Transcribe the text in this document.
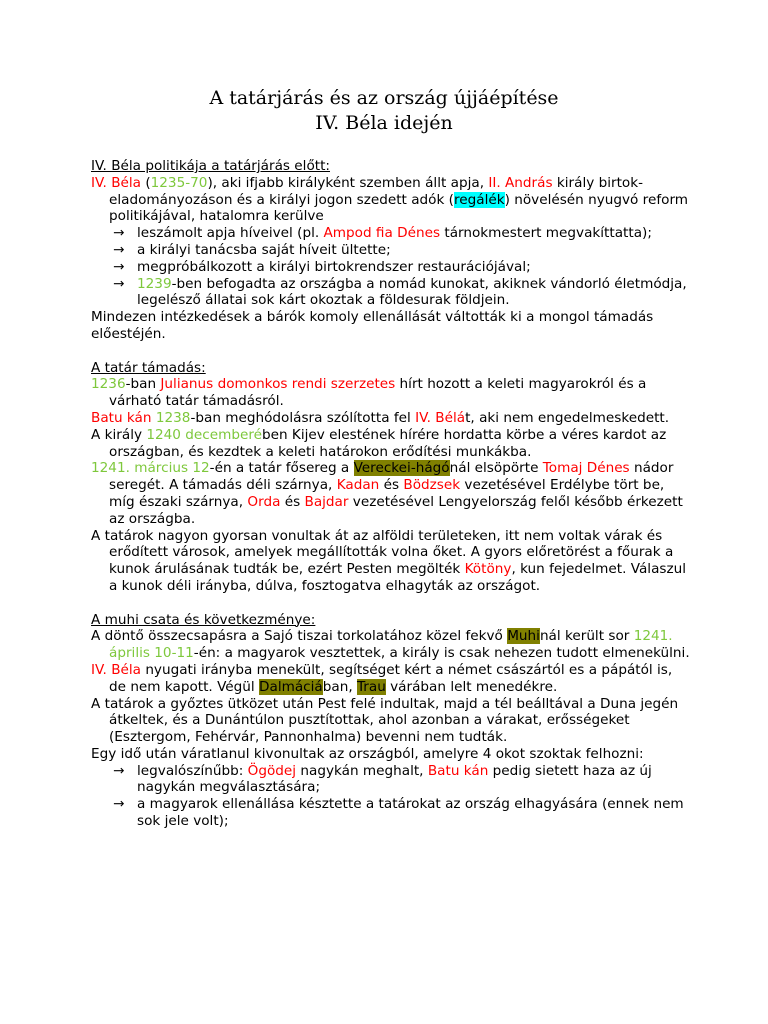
A tatárjárás és az ország újjáépítése
IV. Béla idején
IV. Béla politikája a tatárjárás előtt:
IV. Béla (1235-70), aki ifjabb királyként szemben állt apja, II. András király birtok-eladományozáson és a királyi jogon szedett adók (regálék) növelésén nyugvó reform politikájával, hatalomra kerülve
→ leszámolt apja híveivel (pl. Ampod fia Dénes tárnokmestert megvakíttatta);
→ a királyi tanácsba saját híveit ültette;
→ megpróbálkozott a királyi birtokrendszer restaurációjával;
→ 1239-ben befogadta az országba a nomád kunokat, akiknek vándorló életmódja, legelésző állatai sok kárt okoztak a földesurak földjein.
Mindezen intézkedések a bárók komoly ellenállását váltották ki a mongol támadás előestéjén.
A tatár támadás:
1236-ban Julianus domonkos rendi szerzetes hírt hozott a keleti magyarokról és a várható tatár támadásról.
Batu kán 1238-ban meghódolásra szólította fel IV. Bélát, aki nem engedelmeskedett.
A király 1240 decemberében Kijev elestének hírére hordatta körbe a véres kardot az országban, és kezdtek a keleti határokon erődítési munkákba.
1241. március 12-én a tatár fősereg a Vereckei-hágónál elsöpörte Tomaj Dénes nádor seregét. A támadás déli szárnya, Kadan és Bödzsek vezetésével Erdélybe tört be, míg északi szárnya, Orda és Bajdar vezetésével Lengyelország felől később érkezett az országba.
A tatárok nagyon gyorsan vonultak át az alföldi területeken, itt nem voltak várak és erődített városok, amelyek megállították volna őket. A gyors előretörést a főurak a kunok árulásának tudták be, ezért Pesten megölték Kötöny, kun fejedelmet. Válaszul a kunok déli irányba, dúlva, fosztogatva elhagyták az országot.
A muhi csata és következménye:
A döntő összecsapásra a Sajó tiszai torkolatához közel fekvő Muhinál került sor 1241. április 10-11-én: a magyarok vesztettek, a király is csak nehezen tudott elmenekülni.
IV. Béla nyugati irányba menekült, segítséget kért a német császártól es a pápától is, de nem kapott. Végül Dalmáciában, Trau várában lelt menedékre.
A tatárok a győztes ütközet után Pest felé indultak, majd a tél beálltával a Duna jegén átkeltek, és a Dunántúlon pusztítottak, ahol azonban a várakat, erősségeket (Esztergom, Fehérvár, Pannonhalma) bevenni nem tudták.
Egy idő után váratlanul kivonultak az országból, amelyre 4 okot szoktak felhozni:
→ legvalószínűbb: Ögödej nagykán meghalt, Batu kán pedig sietett haza az új nagykán megválasztására;
→ a magyarok ellenállása késztette a tatárokat az ország elhagyására (ennek nem sok jele volt);
